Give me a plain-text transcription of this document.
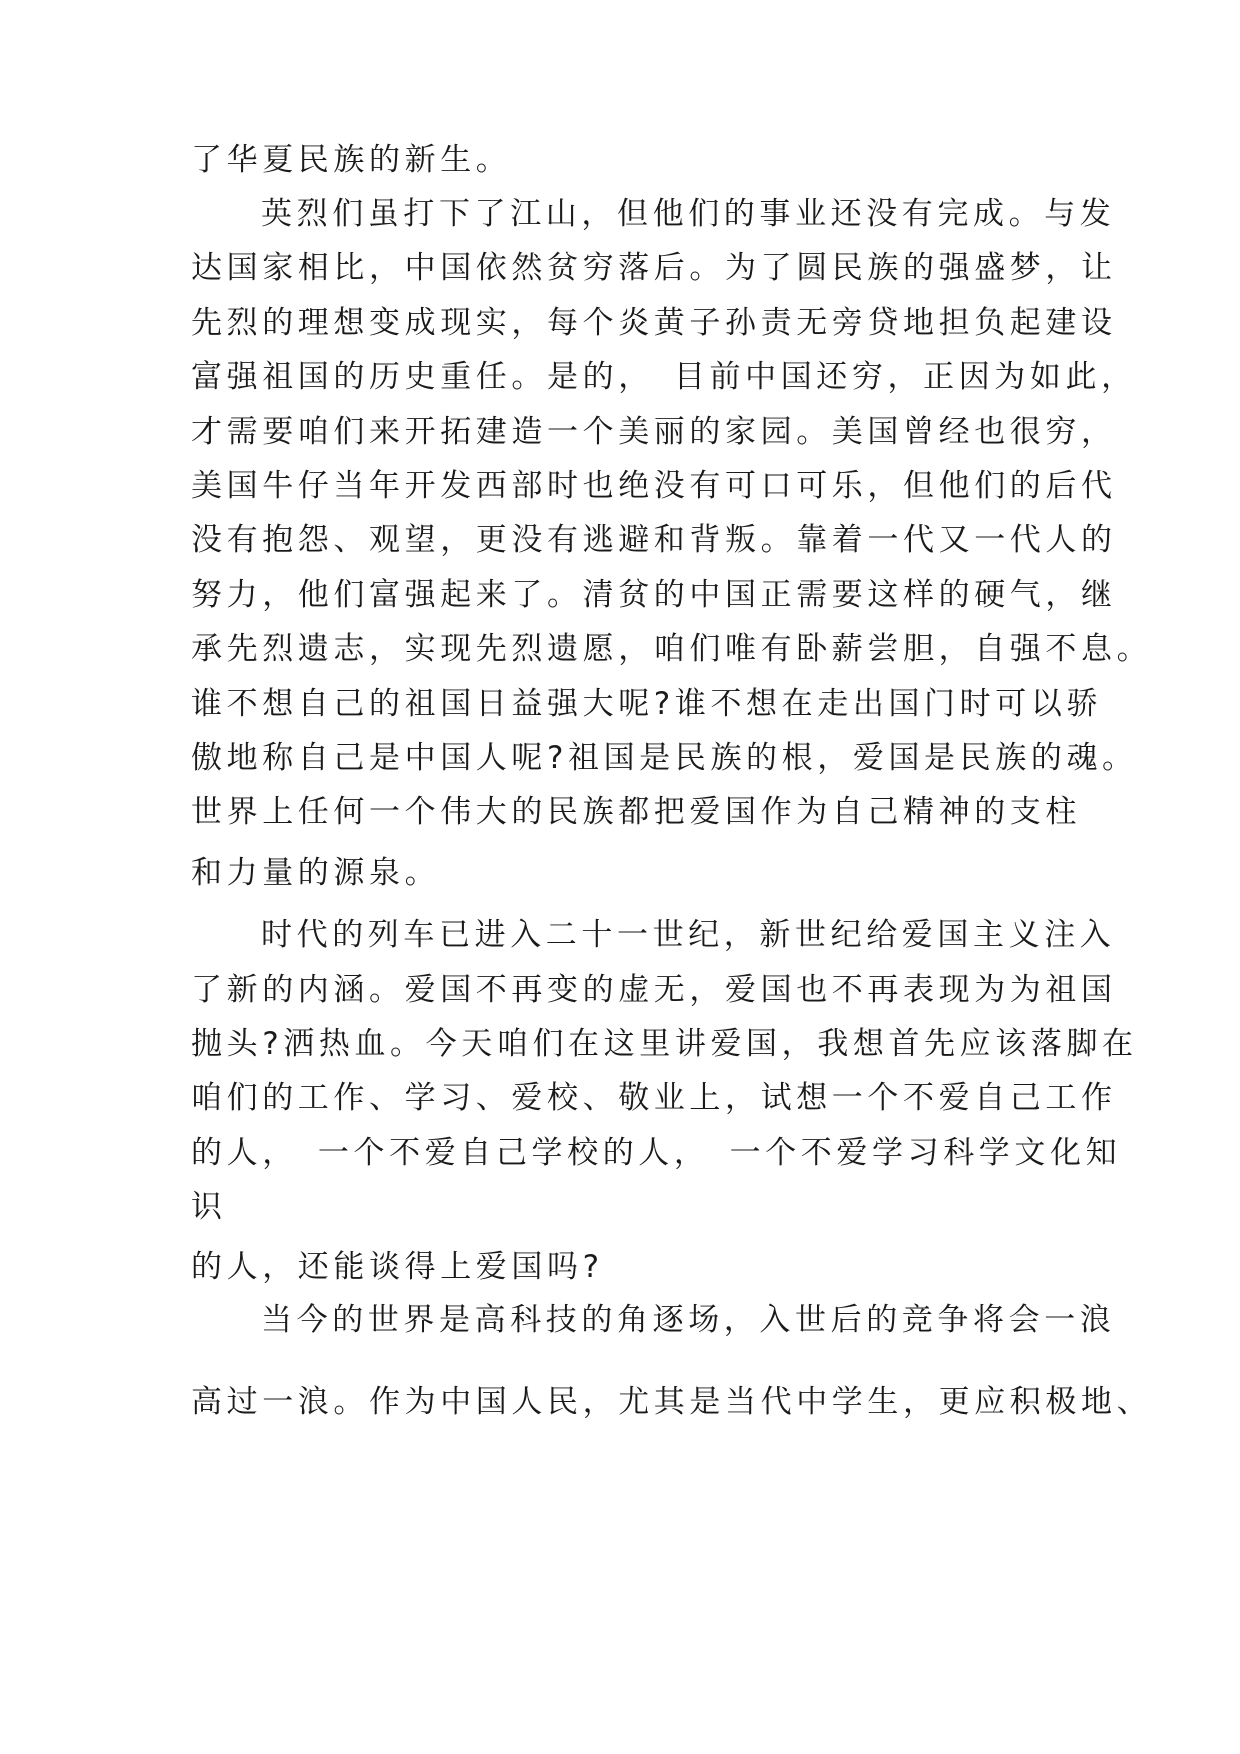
了华夏民族的新生。
英烈们虽打下了江山，但他们的事业还没有完成。与发
达国家相比，中国依然贫穷落后。为了圆民族的强盛梦，让
先烈的理想变成现实，每个炎黄子孙责无旁贷地担负起建设
富强祖国的历史重任。是的，　目前中国还穷，正因为如此，
才需要咱们来开拓建造一个美丽的家园。美国曾经也很穷，
美国牛仔当年开发西部时也绝没有可口可乐，但他们的后代
没有抱怨、观望，更没有逃避和背叛。靠着一代又一代人的
努力，他们富强起来了。清贫的中国正需要这样的硬气，继
承先烈遗志，实现先烈遗愿，咱们唯有卧薪尝胆，自强不息。
谁不想自己的祖国日益强大呢?谁不想在走出国门时可以骄
傲地称自己是中国人呢?祖国是民族的根，爱国是民族的魂。
世界上任何一个伟大的民族都把爱国作为自己精神的支柱
和力量的源泉。
时代的列车已进入二十一世纪，新世纪给爱国主义注入
了新的内涵。爱国不再变的虚无，爱国也不再表现为为祖国
抛头?洒热血。今天咱们在这里讲爱国，我想首先应该落脚在
咱们的工作、学习、爱校、敬业上，试想一个不爱自己工作
的人，　一个不爱自己学校的人，　一个不爱学习科学文化知
识
的人，还能谈得上爱国吗?
当今的世界是高科技的角逐场，入世后的竞争将会一浪
高过一浪。作为中国人民，尤其是当代中学生，更应积极地、
